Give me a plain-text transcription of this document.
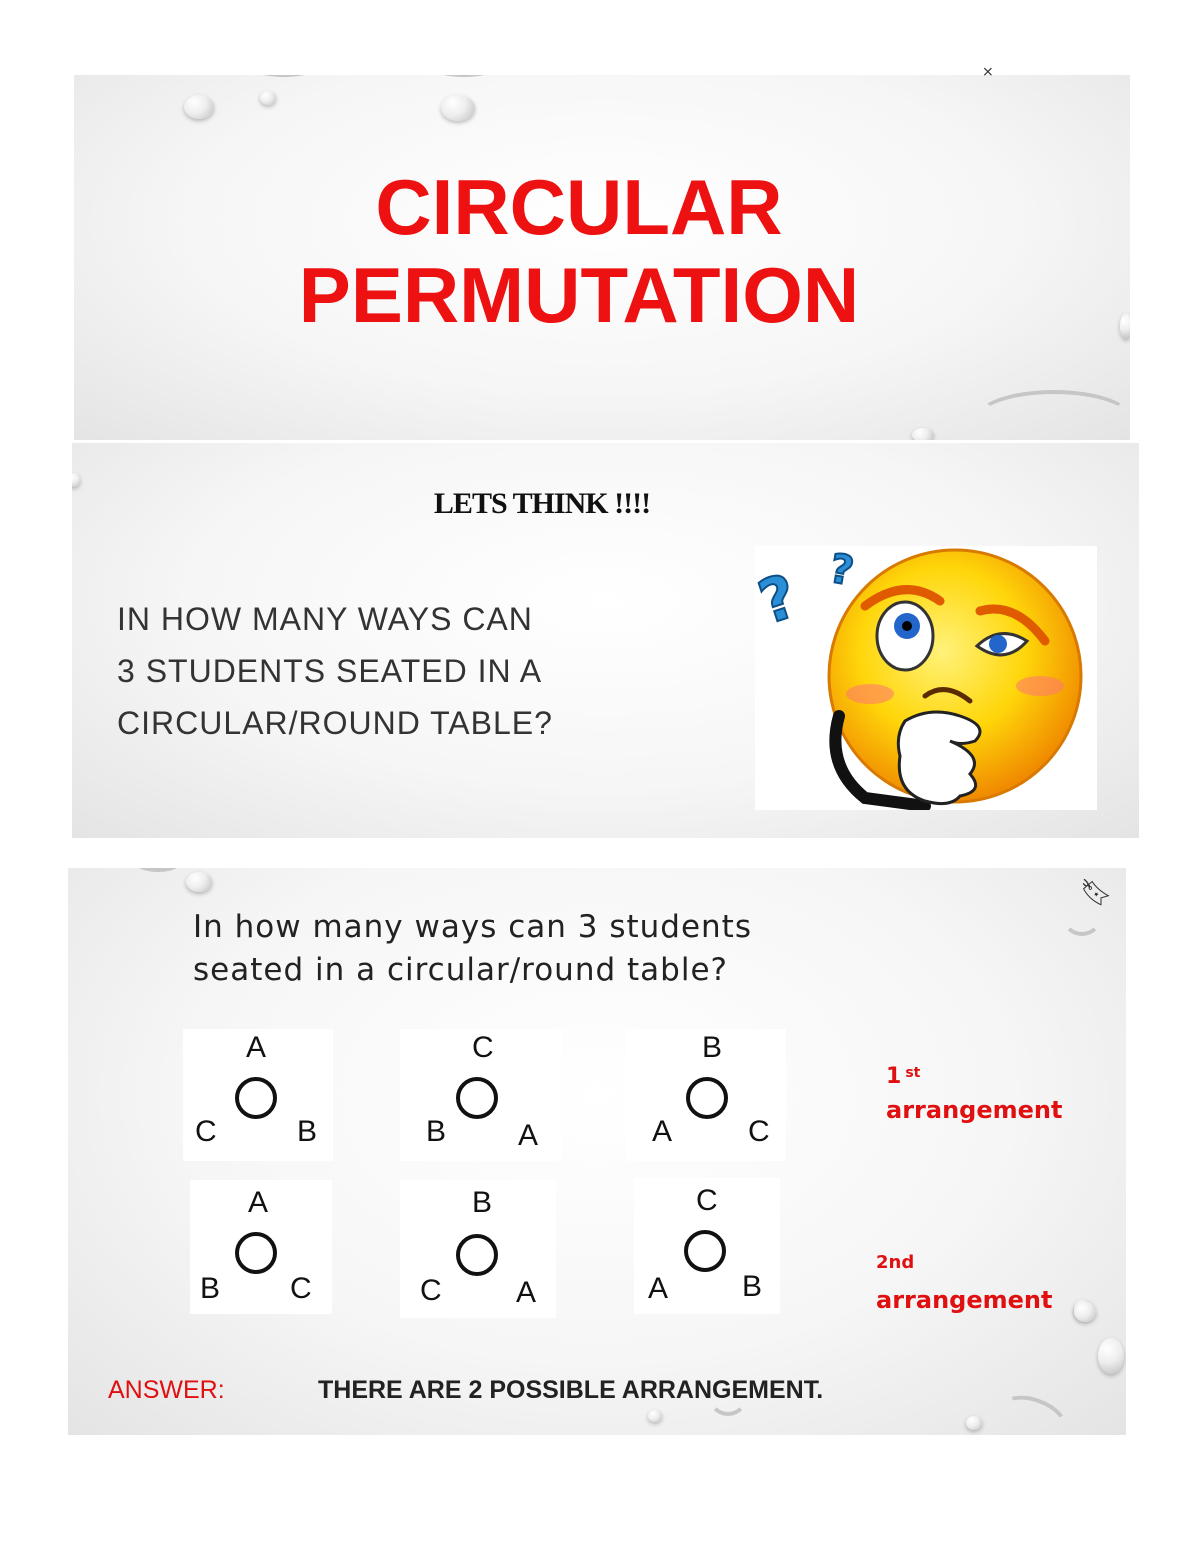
CIRCULAR
PERMUTATION
⨯
LETS THINK !!!!
IN HOW MANY WAYS CAN
3 STUDENTS SEATED IN A
CIRCULAR/ROUND TABLE?
? ?
🔖︎
In how many ways can 3 students
seated in a circular/round table?
A
C	B
C
B A
B
A	C
A
B C
B
C A
C
A B
1 $^{st}$
arrangement
2nd
arrangement
ANSWER:	THERE ARE 2 POSSIBLE ARRANGEMENT.
